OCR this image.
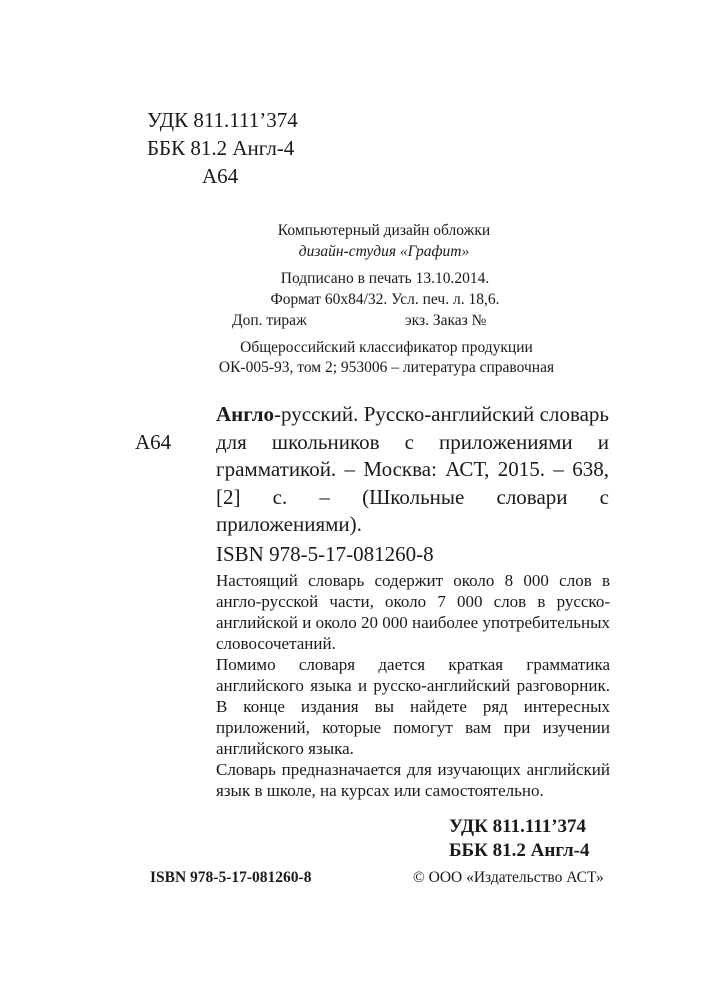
УДК 811.111’374
ББК 81.2 Англ-4
А64
Компьютерный дизайн обложки
дизайн-студия «Графит»
Подписано в печать 13.10.2014.
Формат 60х84/32. Усл. печ. л. 18,6.
Доп. тираж	экз. Заказ №
Общероссийский классификатор продукции
ОК-005-93, том 2; 953006 – литература справочная
А64
Англо-русский. Русско-английский словарь для школьников с приложениями и грамматикой. – Москва: АСТ, 2015. – 638, [2] с. – (Школьные словари с приложениями).
ISBN 978-5-17-081260-8
Настоящий словарь содержит около 8 000 слов в англо-русской части, около 7 000 слов в русско-английской и около 20 000 наиболее употребительных словосочетаний.
Помимо словаря дается краткая грамматика английского языка и русско-английский разговорник. В конце издания вы найдете ряд интересных приложений, которые помогут вам при изучении английского языка.
Словарь предназначается для изучающих английский язык в школе, на курсах или самостоятельно.
УДК 811.111’374
ББК 81.2 Англ-4
ISBN 978-5-17-081260-8	© ООО «Издательство АСТ»
